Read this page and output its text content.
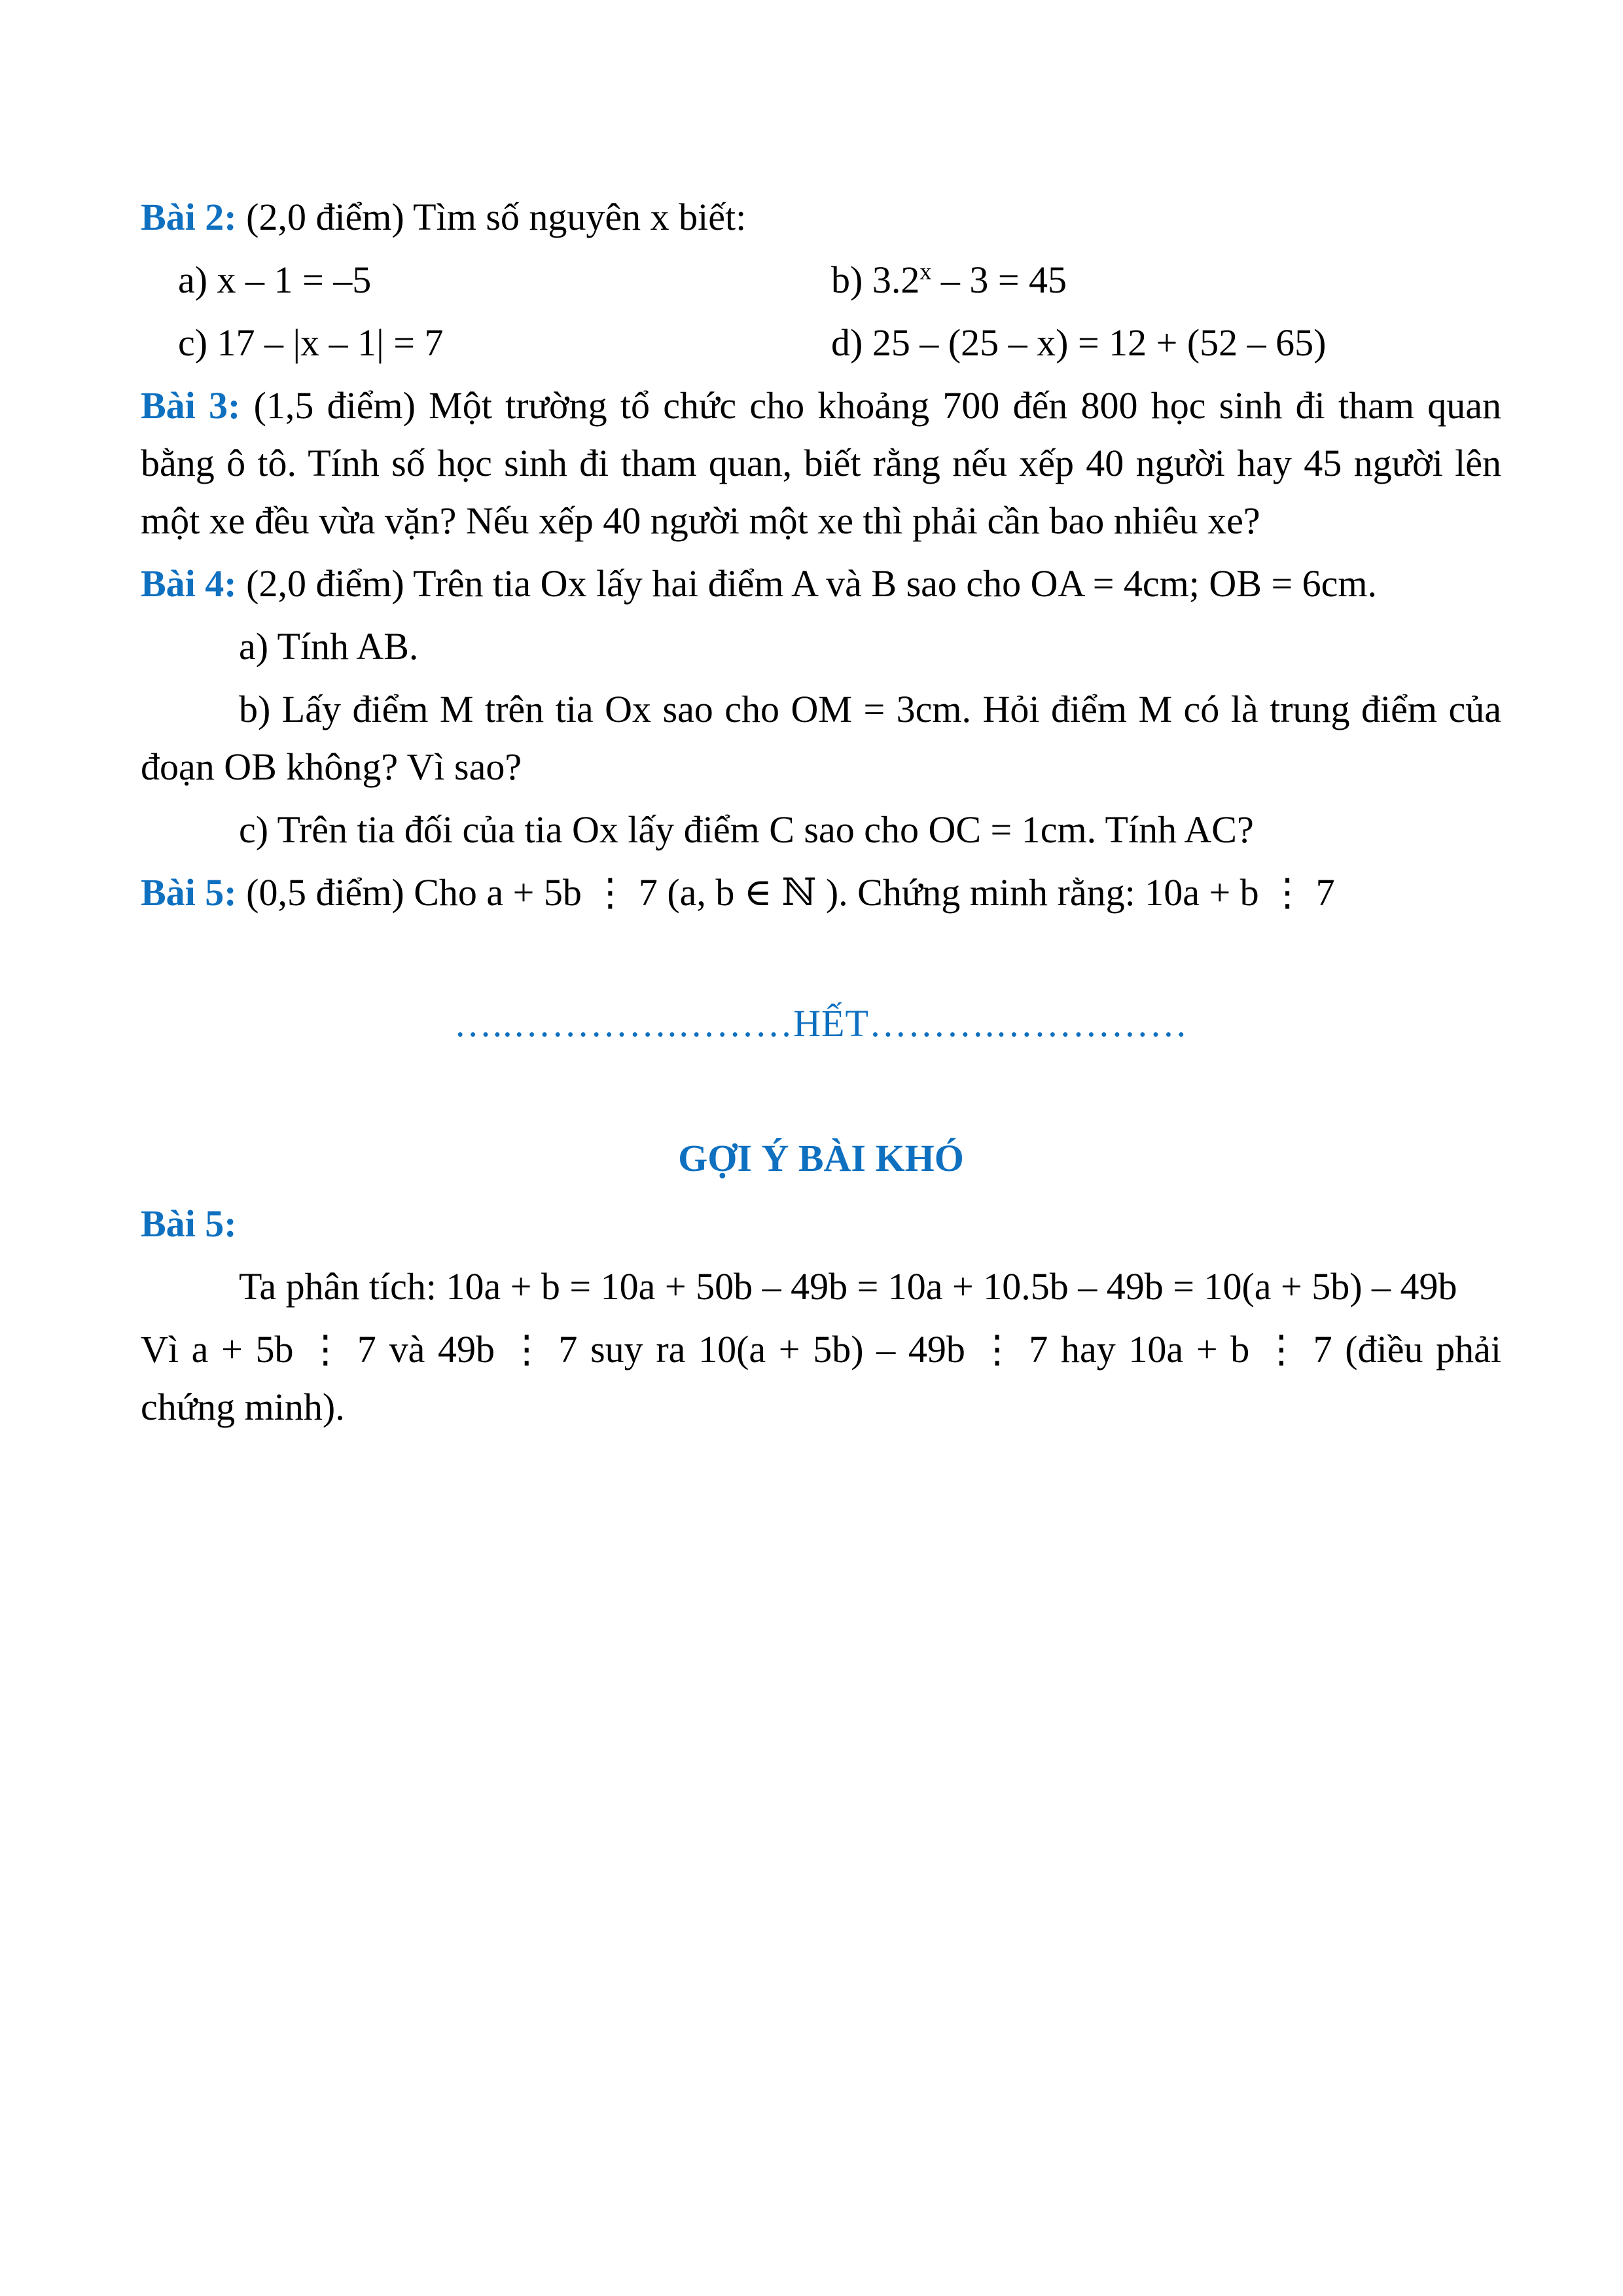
Bài 2: (2,0 điểm) Tìm số nguyên x biết:

a) x – 1 = –5	b) 3.2$^x$ – 3 = 45
c) 17 – |x – 1| = 7	d) 25 – (25 – x) = 12 + (52 – 65)

Bài 3: (1,5 điểm) Một trường tổ chức cho khoảng 700 đến 800 học sinh đi tham quan bằng ô tô. Tính số học sinh đi tham quan, biết rằng nếu xếp 40 người hay 45 người lên một xe đều vừa vặn? Nếu xếp 40 người một xe thì phải cần bao nhiêu xe?

Bài 4: (2,0 điểm) Trên tia Ox lấy hai điểm A và B sao cho OA = 4cm; OB = 6cm.

a) Tính AB.

b) Lấy điểm M trên tia Ox sao cho OM = 3cm. Hỏi điểm M có là trung điểm của đoạn OB không? Vì sao?

c) Trên tia đối của tia Ox lấy điểm C sao cho OC = 1cm. Tính AC?

Bài 5: (0,5 điểm) Cho a + 5b ⋮ 7 (a, b ∈ ℕ ). Chứng minh rằng: 10a + b ⋮ 7

…..………….………HẾT……….……………

GỢI Ý BÀI KHÓ

Bài 5:

Ta phân tích: 10a + b = 10a + 50b – 49b = 10a + 10.5b – 49b = 10(a + 5b) – 49b

Vì a + 5b ⋮ 7 và 49b ⋮ 7 suy ra 10(a + 5b) – 49b ⋮ 7 hay 10a + b ⋮ 7 (điều phải chứng minh).
